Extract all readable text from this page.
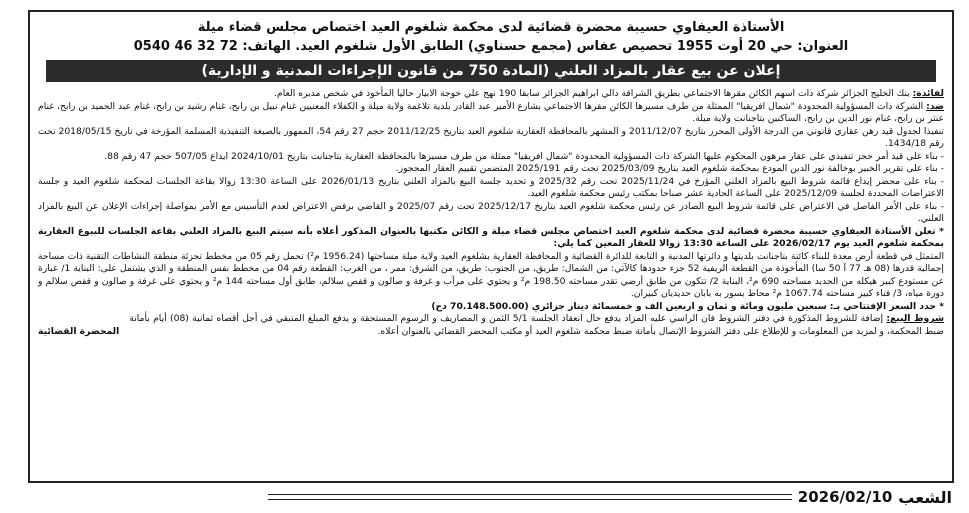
الأستاذة العيفاوي حسيبة محضرة قضائية لدى محكمة شلغوم العيد اختصاص مجلس قضاء ميلة
العنوان: حي 20 أوت 1955 تحصيص عفاس (مجمع حسناوي) الطابق الأول شلغوم العيد. الهاتف: 72 32 46 0540
إعلان عن بيع عقار بالمزاد العلني (المادة 750 من قانون الإجراءات المدنية و الإدارية)

لفائدة: بنك الخليج الجزائر شركة ذات اسهم الكائن مقرها الاجتماعي بطريق الشراقة دالي ابراهيم الجزائر سابقا 190 نهج علي خوجة الابيار حاليا المأخوذ في شخص مديره العام.

ضد: الشركة ذات المسؤولية المحدودة "شمال افريقيا" الممثلة من طرف مسيرها الكائن مقرها الاجتماعي بشارع الأمير عبد القادر بلدية تلاغمة ولاية ميلة و الكفلاء المعنيين غنام نبيل بن رابح، غنام رشيد بن رابح، غنام عبد الحميد بن رابح، غنام عنتر بن رابح، غنام نور الدين بن رابح، الساكنين بتاجنانت ولاية ميلة.

تنفيذا لجدول قيد رهن عقاري قانوني من الدرجة الأولى المحرر بتاريخ 2011/12/07 و المشهر بالمحافظة العقارية شلغوم العيد بتاريخ 2011/12/25 حجم 27 رقم 54، الممهور بالصيغة التنفيذية المسلمة المؤرخة في تاريخ 2018/05/15 تحت رقم 1434/18.

- بناء على قيد أمر حجز تنفيذي على عقار مرهون المحكوم عليها الشركة ذات المسؤولية المحدودة "شمال افريقيا" ممثلة من طرف مسيرها بالمحافظة العقارية بتاجنانت بتاريخ 2024/10/01 ايداع 507/05 حجم 47 رقم 88.

- بناء على تقرير الخبير بوخالفة نور الدين المودع بمحكمة شلغوم العيد بتاريخ 2025/03/09 تحت رقم 2025/191 المتضمن تقييم العقار المحجوز.

- بناء على محضر إيداع قائمة شروط البيع بالمزاد العلني المؤرخ في 2025/11/24 تحت رقم 2025/32 و تحديد جلسة البيع بالمزاد العلني بتاريخ 2026/01/13 على الساعة 13:30 زوالا بقاعة الجلسات لمحكمة شلغوم العيد و جلسة الاعتراضات المحددة لجلسة 2025/12/09 على الساعة الحادية عشر صباحا بمكتب رئيس محكمة شلغوم العيد.

- بناء على الأمر الفاصل في الاعتراض على قائمة شروط البيع الصادر عن رئيس محكمة شلغوم العيد بتاريخ 2025/12/17 تحت رقم 2025/07 و القاضي برفض الاعتراض لعدم التأسيس مع الأمر بمواصلة إجراءات الإعلان عن البيع بالمزاد العلني.

* تعلن الأستاذة العيفاوي حسيبة محضرة قضائية لدى محكمة شلغوم العيد اختصاص مجلس قضاء ميلة و الكائن مكتبها بالعنوان المذكور أعلاه بأنه سيتم البيع بالمزاد العلني بقاعة الجلسات للبيوع العقارية بمحكمة شلغوم العيد يوم 2026/02/17 على الساعة 13:30 زوالا للعقار المعين كما يلي:

المتمثل في قطعة أرض معدة للبناء كائنة بتاجنانت بلديتها و دائرتها المدنية و التابعة للدائرة القضائية و المحافظة العقارية بشلغوم العيد ولاية ميلة مساحتها (1956.24 م²) تحمل رقم 05 من مخطط تجزئة منطقة النشاطات التقنية ذات مساحة إجمالية قدرها (08 هـ 77 آ 50 سا) المأخوذة من القطعة الريفية 52 جزء حدودها كالآتي: من الشمال: طريق، من الجنوب: طريق، من الشرق: ممر ، من الغرب: القطعة رقم 04 من مخطط نفس المنطقة و الذي يشتمل على: البناية 1/ عبارة عن مستودع كبير هيكله من الحديد مساحته 690 م²، البناية 2/ تتكون من طابق أرضي تقدر مساحته 198.50 م² و يحتوي على مرآب و غرفة و صالون و قفص سلالم، طابق أول مساحته 144 م² و يحتوي على غرفة و صالون و قفص سلالم و دورة مياه، 3/ فناء كبير مساحته 1067.74 م² محاط بسور به بابان حديديان كبيران.

* حدد السعر الإفتتاحي بـ: سبعين مليون ومائة و ثمان و اربعين الف و خمسمائة دينار جزائري (70.148.500.00 دج)

شروط البيع: إضافة للشروط المذكورة في دفتر الشروط فان الراسي عليه المزاد يدفع حال انعقاد الجلسة 5/1 الثمن و المصاريف و الرسوم المستحقة و يدفع المبلغ المتبقي في أجل أقصاه ثمانية (08) أيام بأمانة ضبط المحكمة، و لمزيد من المعلومات و للإطلاع على دفتر الشروط الإتصال بأمانة ضبط محكمة شلغوم العيد أو مكتب المحضر القضائي بالعنوان أعلاه.

المحضرة القضائية
2026/02/10 الشعب
